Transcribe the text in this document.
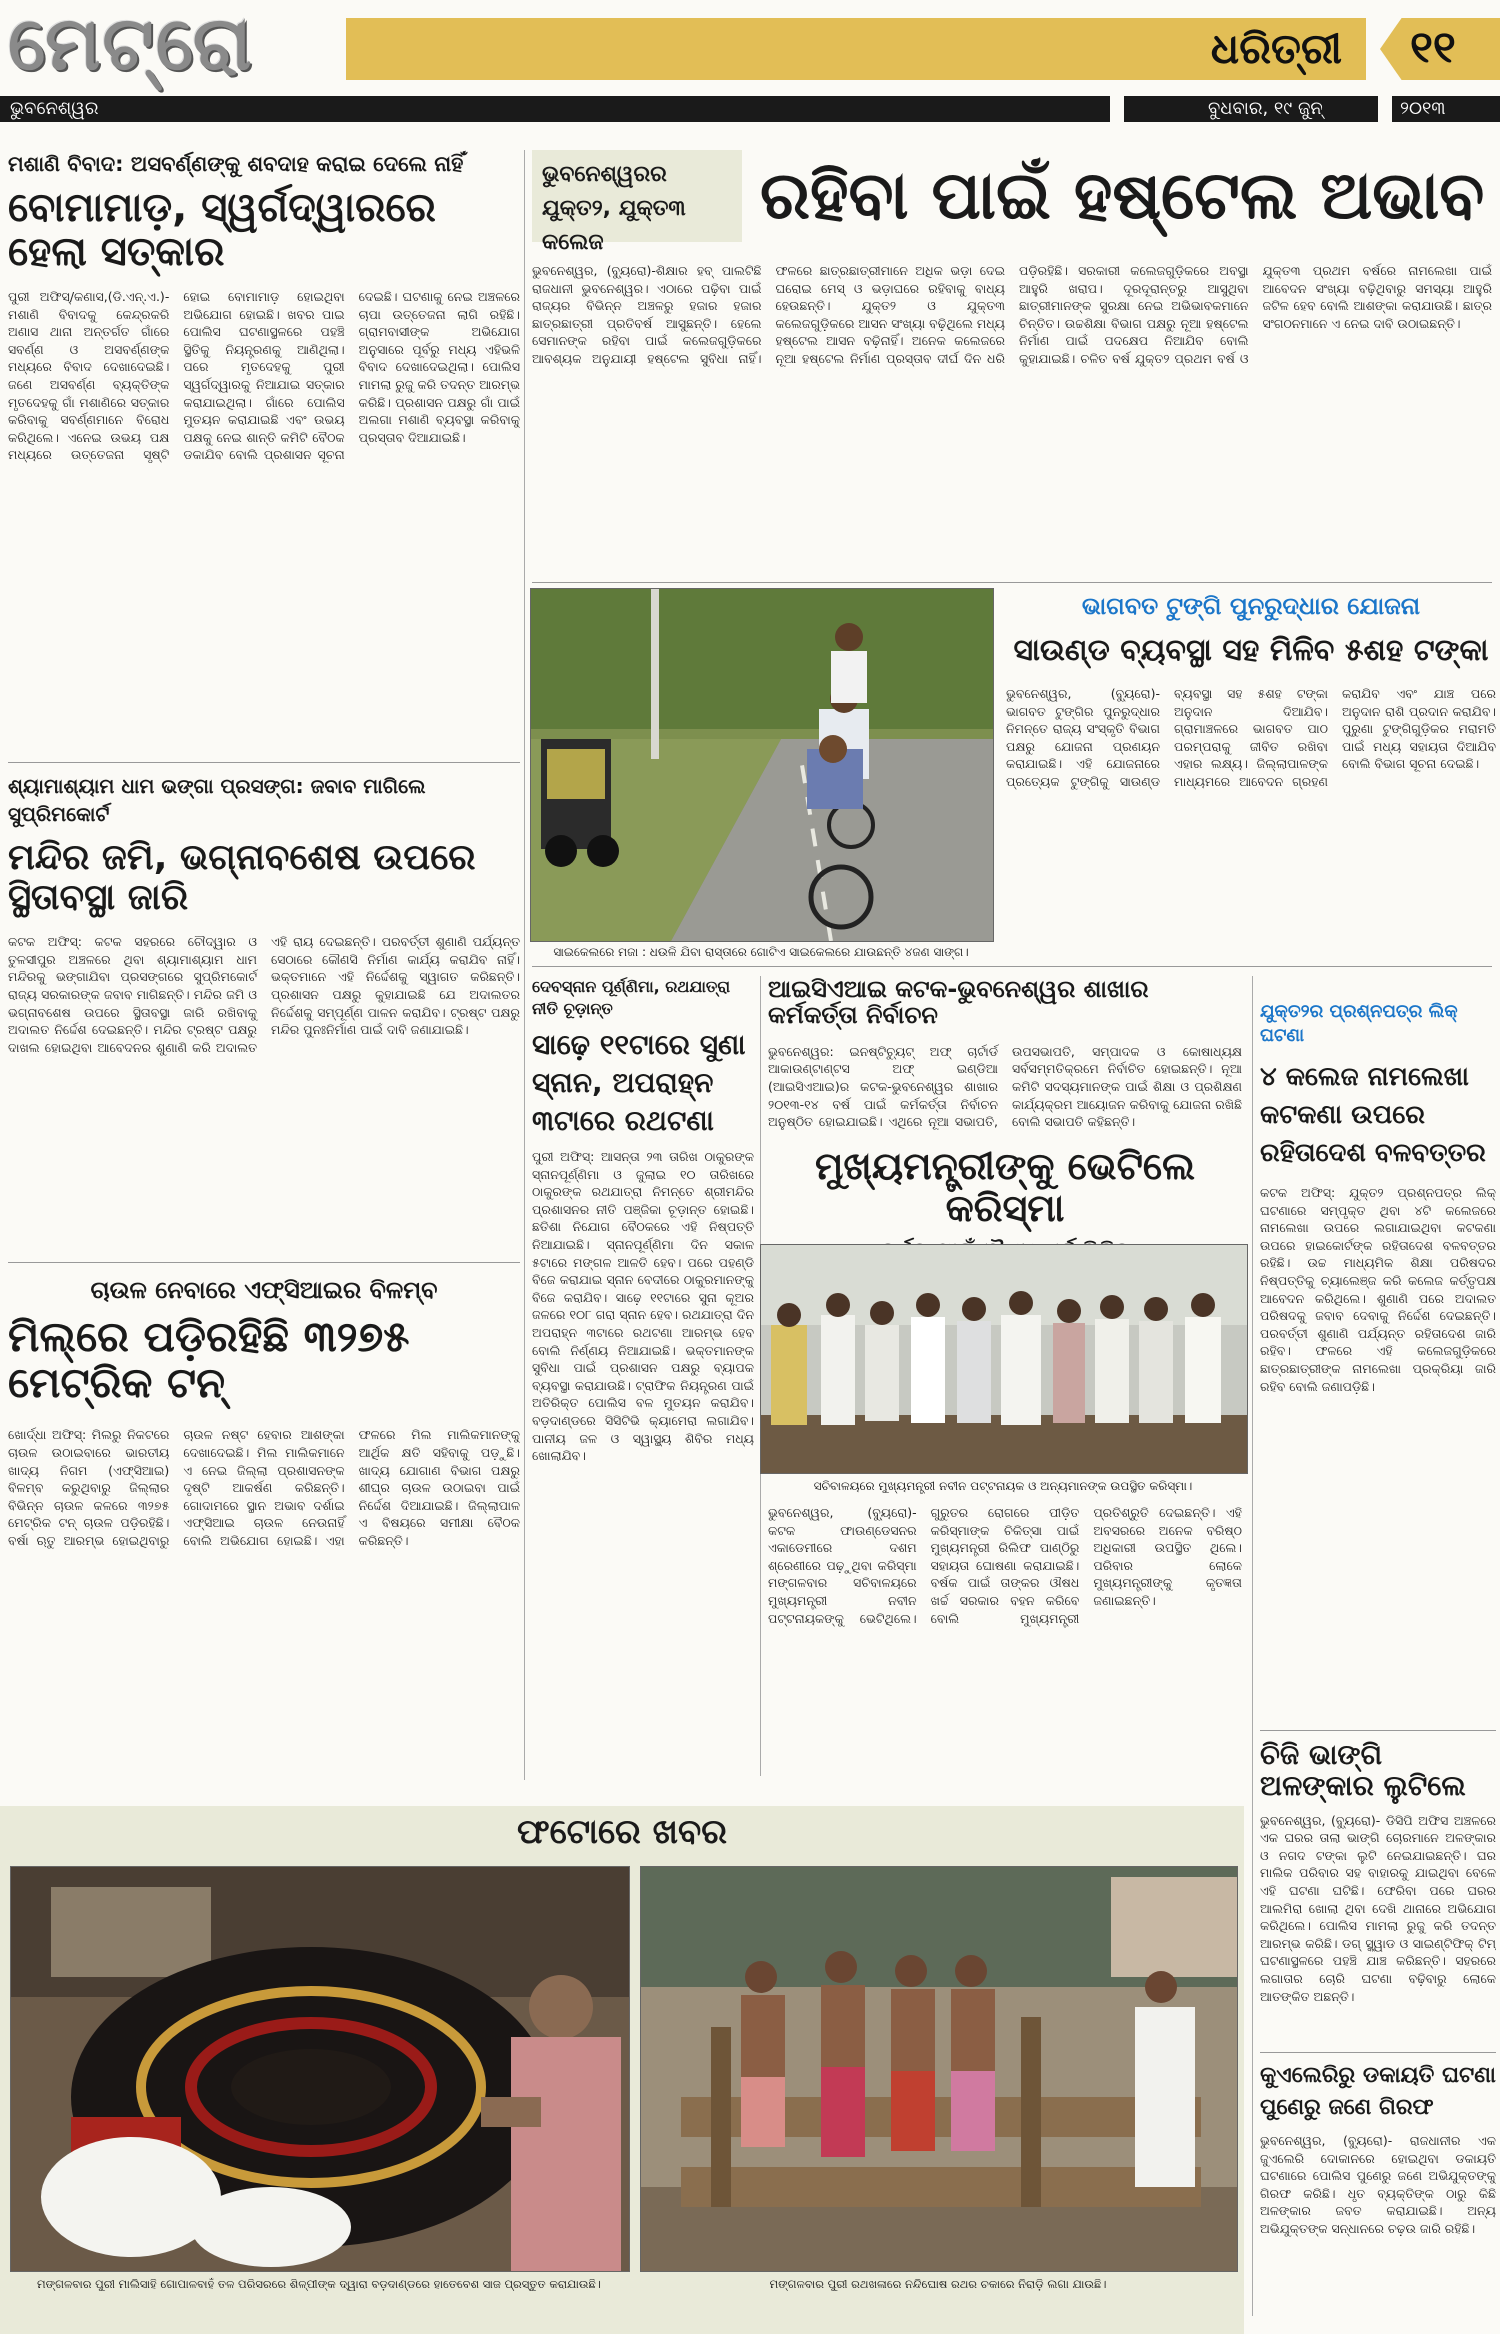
ମେଟ୍ରୋ	ଧରିତ୍ରୀ ୧୧
ଭୁବନେଶ୍ୱର	ବୁଧବାର, ୧୯ ଜୁନ୍	୨୦୧୩
ମଶାଣି ବିବାଦ: ଅସବର୍ଣ୍ଣଙ୍କୁ ଶବଦାହ କରାଇ ଦେଲେ ନାହିଁ
ବୋମାମାଡ଼, ସ୍ୱର୍ଗଦ୍ୱାରରେ ହେଲା ସତ୍କାର
ପୁରୀ ଅଫିସ୍/କଣାସ,(ଡି.ଏନ୍.ଏ.)- ମଶାଣି ବିବାଦକୁ କେନ୍ଦ୍ରକରି ଅଣାସ ଥାନା ଅନ୍ତର୍ଗତ ଗାଁରେ ସବର୍ଣ୍ଣ ଓ ଅସବର୍ଣ୍ଣଙ୍କ ମଧ୍ୟରେ ବିବାଦ ଦେଖାଦେଇଛି। ଜଣେ ଅସବର୍ଣ୍ଣ ବ୍ୟକ୍ତିଙ୍କ ମୃତଦେହକୁ ଗାଁ ମଶାଣିରେ ସତ୍କାର କରିବାକୁ ସବର୍ଣ୍ଣମାନେ ବିରୋଧ କରିଥିଲେ। ଏନେଇ ଉଭୟ ପକ୍ଷ ମଧ୍ୟରେ ଉତ୍ତେଜନା ସୃଷ୍ଟି ହୋଇ ବୋମାମାଡ଼ ହୋଇଥିବା ଅଭିଯୋଗ ହୋଇଛି। ଖବର ପାଇ ପୋଲିସ ଘଟଣାସ୍ଥଳରେ ପହଞ୍ଚି ସ୍ଥିତିକୁ ନିୟନ୍ତ୍ରଣକୁ ଆଣିଥିଲା। ପରେ ମୃତଦେହକୁ ପୁରୀ ସ୍ୱର୍ଗଦ୍ୱାରକୁ ନିଆଯାଇ ସତ୍କାର କରାଯାଇଥିଲା। ଗାଁରେ ପୋଲିସ ମୁତୟନ କରାଯାଇଛି ଏବଂ ଉଭୟ ପକ୍ଷକୁ ନେଇ ଶାନ୍ତି କମିଟି ବୈଠକ ଡକାଯିବ ବୋଲି ପ୍ରଶାସନ ସୂଚନା ଦେଇଛି। ଘଟଣାକୁ ନେଇ ଅଞ୍ଚଳରେ ଚାପା ଉତ୍ତେଜନା ଲାଗି ରହିଛି। ଗ୍ରାମବାସୀଙ୍କ ଅଭିଯୋଗ ଅନୁସାରେ ପୂର୍ବରୁ ମଧ୍ୟ ଏହିଭଳି ବିବାଦ ଦେଖାଦେଇଥିଲା। ପୋଲିସ ମାମଲା ରୁଜୁ କରି ତଦନ୍ତ ଆରମ୍ଭ କରିଛି। ପ୍ରଶାସନ ପକ୍ଷରୁ ଗାଁ ପାଇଁ ଅଲଗା ମଶାଣି ବ୍ୟବସ୍ଥା କରିବାକୁ ପ୍ରସ୍ତାବ ଦିଆଯାଇଛି।
ଶ୍ୟାମାଶ୍ୟାମ ଧାମ ଭଙ୍ଗା ପ୍ରସଙ୍ଗ: ଜବାବ ମାଗିଲେ ସୁପ୍ରିମକୋର୍ଟ
ମନ୍ଦିର ଜମି, ଭଗ୍ନାବଶେଷ ଉପରେ ସ୍ଥିତାବସ୍ଥା ଜାରି
କଟକ ଅଫିସ୍: କଟକ ସହରରେ ଚୌଦ୍ୱାର ଓ ତୁଳସୀପୁର ଅଞ୍ଚଳରେ ଥିବା ଶ୍ୟାମାଶ୍ୟାମ ଧାମ ମନ୍ଦିରକୁ ଭଙ୍ଗାଯିବା ପ୍ରସଙ୍ଗରେ ସୁପ୍ରିମକୋର୍ଟ ରାଜ୍ୟ ସରକାରଙ୍କ ଜବାବ ମାଗିଛନ୍ତି। ମନ୍ଦିର ଜମି ଓ ଭଗ୍ନାବଶେଷ ଉପରେ ସ୍ଥିତାବସ୍ଥା ଜାରି ରଖିବାକୁ ଅଦାଲତ ନିର୍ଦ୍ଦେଶ ଦେଇଛନ୍ତି। ମନ୍ଦିର ଟ୍ରଷ୍ଟ ପକ୍ଷରୁ ଦାଖଲ ହୋଇଥିବା ଆବେଦନର ଶୁଣାଣି କରି ଅଦାଲତ ଏହି ରାୟ ଦେଇଛନ୍ତି। ପରବର୍ତ୍ତୀ ଶୁଣାଣି ପର୍ଯ୍ୟନ୍ତ ସେଠାରେ କୌଣସି ନିର୍ମାଣ କାର୍ଯ୍ୟ କରାଯିବ ନାହିଁ। ଭକ୍ତମାନେ ଏହି ନିର୍ଦ୍ଦେଶକୁ ସ୍ୱାଗତ କରିଛନ୍ତି। ପ୍ରଶାସନ ପକ୍ଷରୁ କୁହାଯାଇଛି ଯେ ଅଦାଲତର ନିର୍ଦ୍ଦେଶକୁ ସମ୍ପୂର୍ଣ୍ଣ ପାଳନ କରାଯିବ। ଟ୍ରଷ୍ଟ ପକ୍ଷରୁ ମନ୍ଦିର ପୁନଃନିର୍ମାଣ ପାଇଁ ଦାବି ଜଣାଯାଇଛି।
ଚାଉଳ ନେବାରେ ଏଫ୍‌ସିଆଇର ବିଳମ୍ବ
ମିଲ୍‌ରେ ପଡ଼ିରହିଛି ୩୨୭୫ ମେଟ୍ରିକ ଟନ୍
ଖୋର୍ଦ୍ଧା ଅଫିସ୍: ମିଲରୁ ନିକଟରେ ଚାଉଳ ଉଠାଇବାରେ ଭାରତୀୟ ଖାଦ୍ୟ ନିଗମ (ଏଫ୍‌ସିଆଇ) ବିଳମ୍ବ କରୁଥିବାରୁ ଜିଲ୍ଲାର ବିଭିନ୍ନ ଚାଉଳ କଳରେ ୩୨୭୫ ମେଟ୍ରିକ ଟନ୍ ଚାଉଳ ପଡ଼ିରହିଛି। ବର୍ଷା ଋତୁ ଆରମ୍ଭ ହୋଇଥିବାରୁ ଚାଉଳ ନଷ୍ଟ ହେବାର ଆଶଙ୍କା ଦେଖାଦେଇଛି। ମିଲ ମାଲିକମାନେ ଏ ନେଇ ଜିଲ୍ଲା ପ୍ରଶାସନଙ୍କ ଦୃଷ୍ଟି ଆକର୍ଷଣ କରିଛନ୍ତି। ଗୋଦାମରେ ସ୍ଥାନ ଅଭାବ ଦର୍ଶାଇ ଏଫ୍‌ସିଆଇ ଚାଉଳ ନେଉନାହିଁ ବୋଲି ଅଭିଯୋଗ ହୋଇଛି। ଏହା ଫଳରେ ମିଲ ମାଲିକମାନଙ୍କୁ ଆର୍ଥିକ କ୍ଷତି ସହିବାକୁ ପଡ଼ୁଛି। ଖାଦ୍ୟ ଯୋଗାଣ ବିଭାଗ ପକ୍ଷରୁ ଶୀଘ୍ର ଚାଉଳ ଉଠାଇବା ପାଇଁ ନିର୍ଦ୍ଦେଶ ଦିଆଯାଇଛି। ଜିଲ୍ଲାପାଳ ଏ ବିଷୟରେ ସମୀକ୍ଷା ବୈଠକ କରିଛନ୍ତି।
ଭୁବନେଶ୍ୱରର ଯୁକ୍ତ୨, ଯୁକ୍ତ୩ କଲେଜ
ରହିବା ପାଇଁ ହଷ୍ଟେଲ ଅଭାବ
ଭୁବନେଶ୍ୱର, (ବ୍ୟୁରୋ)-ଶିକ୍ଷାର ହବ୍ ପାଲଟିଛି ରାଜଧାନୀ ଭୁବନେଶ୍ୱର। ଏଠାରେ ପଢ଼ିବା ପାଇଁ ରାଜ୍ୟର ବିଭିନ୍ନ ଅଞ୍ଚଳରୁ ହଜାର ହଜାର ଛାତ୍ରଛାତ୍ରୀ ପ୍ରତିବର୍ଷ ଆସୁଛନ୍ତି। ହେଲେ ସେମାନଙ୍କ ରହିବା ପାଇଁ କଲେଜଗୁଡ଼ିକରେ ଆବଶ୍ୟକ ଅନୁଯାୟୀ ହଷ୍ଟେଲ ସୁବିଧା ନାହିଁ। ଫଳରେ ଛାତ୍ରଛାତ୍ରୀମାନେ ଅଧିକ ଭଡ଼ା ଦେଇ ଘରୋଇ ମେସ୍ ଓ ଭଡ଼ାଘରେ ରହିବାକୁ ବାଧ୍ୟ ହେଉଛନ୍ତି। ଯୁକ୍ତ୨ ଓ ଯୁକ୍ତ୩ କଲେଜଗୁଡ଼ିକରେ ଆସନ ସଂଖ୍ୟା ବଢ଼ିଥିଲେ ମଧ୍ୟ ହଷ୍ଟେଲ ଆସନ ବଢ଼ିନାହିଁ। ଅନେକ କଲେଜରେ ନୂଆ ହଷ୍ଟେଲ ନିର୍ମାଣ ପ୍ରସ୍ତାବ ଦୀର୍ଘ ଦିନ ଧରି ପଡ଼ିରହିଛି। ସରକାରୀ କଲେଜଗୁଡ଼ିକରେ ଅବସ୍ଥା ଆହୁରି ଖରାପ। ଦୂରଦୂରାନ୍ତରୁ ଆସୁଥିବା ଛାତ୍ରୀମାନଙ୍କ ସୁରକ୍ଷା ନେଇ ଅଭିଭାବକମାନେ ଚିନ୍ତିତ। ଉଚ୍ଚଶିକ୍ଷା ବିଭାଗ ପକ୍ଷରୁ ନୂଆ ହଷ୍ଟେଲ ନିର୍ମାଣ ପାଇଁ ପଦକ୍ଷେପ ନିଆଯିବ ବୋଲି କୁହାଯାଇଛି। ଚଳିତ ବର୍ଷ ଯୁକ୍ତ୨ ପ୍ରଥମ ବର୍ଷ ଓ ଯୁକ୍ତ୩ ପ୍ରଥମ ବର୍ଷରେ ନାମଲେଖା ପାଇଁ ଆବେଦନ ସଂଖ୍ୟା ବଢ଼ିଥିବାରୁ ସମସ୍ୟା ଆହୁରି ଜଟିଳ ହେବ ବୋଲି ଆଶଙ୍କା କରାଯାଉଛି। ଛାତ୍ର ସଂଗଠନମାନେ ଏ ନେଇ ଦାବି ଉଠାଇଛନ୍ତି।
ସାଇକେଲରେ ମଜା : ଧଉଳି ଯିବା ରାସ୍ତାରେ ଗୋଟିଏ ସାଇକେଲରେ ଯାଉଛନ୍ତି ୪ଜଣ ସାଙ୍ଗ।
ଭାଗବତ ଟୁଙ୍ଗି ପୁନରୁଦ୍ଧାର ଯୋଜନା
ସାଉଣ୍ଡ ବ୍ୟବସ୍ଥା ସହ ମିଳିବ ୫ଶହ ଟଙ୍କା
ଭୁବନେଶ୍ୱର, (ବ୍ୟୁରୋ)- ଭାଗବତ ଟୁଙ୍ଗିର ପୁନରୁଦ୍ଧାର ନିମନ୍ତେ ରାଜ୍ୟ ସଂସ୍କୃତି ବିଭାଗ ପକ୍ଷରୁ ଯୋଜନା ପ୍ରଣୟନ କରାଯାଇଛି। ଏହି ଯୋଜନାରେ ପ୍ରତ୍ୟେକ ଟୁଙ୍ଗିକୁ ସାଉଣ୍ଡ ବ୍ୟବସ୍ଥା ସହ ୫ଶହ ଟଙ୍କା ଅନୁଦାନ ଦିଆଯିବ। ଗ୍ରାମାଞ୍ଚଳରେ ଭାଗବତ ପାଠ ପରମ୍ପରାକୁ ଜୀବିତ ରଖିବା ଏହାର ଲକ୍ଷ୍ୟ। ଜିଲ୍ଲାପାଳଙ୍କ ମାଧ୍ୟମରେ ଆବେଦନ ଗ୍ରହଣ କରାଯିବ ଏବଂ ଯାଞ୍ଚ ପରେ ଅନୁଦାନ ରାଶି ପ୍ରଦାନ କରାଯିବ। ପୁରୁଣା ଟୁଙ୍ଗିଗୁଡ଼ିକର ମରାମତି ପାଇଁ ମଧ୍ୟ ସହାୟତା ଦିଆଯିବ ବୋଲି ବିଭାଗ ସୂଚନା ଦେଇଛି।
ଦେବସ୍ନାନ ପୂର୍ଣ୍ଣିମା, ରଥଯାତ୍ରା ନୀତି ଚୂଡ଼ାନ୍ତ
ସାଢ଼େ ୧୧ଟାରେ ସୁଣା ସ୍ନାନ, ଅପରାହ୍ନ ୩ଟାରେ ରଥଟଣା
ପୁରୀ ଅଫିସ୍: ଆସନ୍ତା ୨୩ ତାରିଖ ଠାକୁରଙ୍କ ସ୍ନାନପୂର୍ଣ୍ଣିମା ଓ ଜୁଲାଇ ୧୦ ତାରିଖରେ ଠାକୁରଙ୍କ ରଥଯାତ୍ରା ନିମନ୍ତେ ଶ୍ରୀମନ୍ଦିର ପ୍ରଶାସନର ନୀତି ପଞ୍ଜିକା ଚୂଡ଼ାନ୍ତ ହୋଇଛି। ଛତିଶା ନିଯୋଗ ବୈଠକରେ ଏହି ନିଷ୍ପତ୍ତି ନିଆଯାଇଛି। ସ୍ନାନପୂର୍ଣ୍ଣିମା ଦିନ ସକାଳ ୫ଟାରେ ମଙ୍ଗଳ ଆଳତି ହେବ। ପରେ ପହଣ୍ଡି ବିଜେ କରାଯାଇ ସ୍ନାନ ବେଦୀରେ ଠାକୁରମାନଙ୍କୁ ବିଜେ କରାଯିବ। ସାଢ଼େ ୧୧ଟାରେ ସୁନା କୂଅର ଜଳରେ ୧୦୮ ଗରା ସ୍ନାନ ହେବ। ରଥଯାତ୍ରା ଦିନ ଅପରାହ୍ନ ୩ଟାରେ ରଥଟଣା ଆରମ୍ଭ ହେବ ବୋଲି ନିର୍ଣ୍ଣୟ ନିଆଯାଇଛି। ଭକ୍ତମାନଙ୍କ ସୁବିଧା ପାଇଁ ପ୍ରଶାସନ ପକ୍ଷରୁ ବ୍ୟାପକ ବ୍ୟବସ୍ଥା କରାଯାଉଛି। ଟ୍ରାଫିକ ନିୟନ୍ତ୍ରଣ ପାଇଁ ଅତିରିକ୍ତ ପୋଲିସ ବଳ ମୁତୟନ କରାଯିବ। ବଡ଼ଦାଣ୍ଡରେ ସିସିଟିଭି କ୍ୟାମେରା ଲଗାଯିବ। ପାନୀୟ ଜଳ ଓ ସ୍ୱାସ୍ଥ୍ୟ ଶିବିର ମଧ୍ୟ ଖୋଲାଯିବ।
ଆଇସିଏଆଇ କଟକ-ଭୁବନେଶ୍ୱର ଶାଖାର କର୍ମକର୍ତ୍ତା ନିର୍ବାଚନ
ଭୁବନେଶ୍ୱର: ଇନଷ୍ଟିଚ୍ୟୁଟ୍ ଅଫ୍ ଚାର୍ଟାର୍ଡ ଆକାଉଣ୍ଟାଣ୍ଟସ ଅଫ୍ ଇଣ୍ଡିଆ (ଆଇସିଏଆଇ)ର କଟକ-ଭୁବନେଶ୍ୱର ଶାଖାର ୨୦୧୩-୧୪ ବର୍ଷ ପାଇଁ କର୍ମକର୍ତ୍ତା ନିର୍ବାଚନ ଅନୁଷ୍ଠିତ ହୋଇଯାଇଛି। ଏଥିରେ ନୂଆ ସଭାପତି, ଉପସଭାପତି, ସମ୍ପାଦକ ଓ କୋଷାଧ୍ୟକ୍ଷ ସର୍ବସମ୍ମତିକ୍ରମେ ନିର୍ବାଚିତ ହୋଇଛନ୍ତି। ନୂଆ କମିଟି ସଦସ୍ୟମାନଙ୍କ ପାଇଁ ଶିକ୍ଷା ଓ ପ୍ରଶିକ୍ଷଣ କାର୍ଯ୍ୟକ୍ରମ ଆୟୋଜନ କରିବାକୁ ଯୋଜନା ରଖିଛି ବୋଲି ସଭାପତି କହିଛନ୍ତି।
ମୁଖ୍ୟମନ୍ତ୍ରୀଙ୍କୁ ଭେଟିଲେ କରିସ୍ମା
ସଚିବାଳୟରେ ମୁଖ୍ୟମନ୍ତ୍ରୀ ନବୀନ ପଟ୍ଟନାୟକ ଓ ଅନ୍ୟମାନଙ୍କ ଉପସ୍ଥିତ କରିସ୍ମା।
ଭୁବନେଶ୍ୱର, (ବ୍ୟୁରୋ)- କଟକ ଫାଉଣ୍ଡେସନର ଏକାଡେମୀରେ ଦଶମ ଶ୍ରେଣୀରେ ପଢ଼ୁଥିବା କରିସ୍ମା ମଙ୍ଗଳବାର ସଚିବାଳୟରେ ମୁଖ୍ୟମନ୍ତ୍ରୀ ନବୀନ ପଟ୍ଟନାୟକଙ୍କୁ ଭେଟିଥିଲେ। ଗୁରୁତର ରୋଗରେ ପୀଡ଼ିତ କରିସ୍ମାଙ୍କ ଚିକିତ୍ସା ପାଇଁ ମୁଖ୍ୟମନ୍ତ୍ରୀ ରିଲିଫ ପାଣ୍ଠିରୁ ସହାୟତା ଘୋଷଣା କରାଯାଇଛି। ବର୍ଷକ ପାଇଁ ତାଙ୍କର ଔଷଧ ଖର୍ଚ୍ଚ ସରକାର ବହନ କରିବେ ବୋଲି ମୁଖ୍ୟମନ୍ତ୍ରୀ ପ୍ରତିଶ୍ରୁତି ଦେଇଛନ୍ତି। ଏହି ଅବସରରେ ଅନେକ ବରିଷ୍ଠ ଅଧିକାରୀ ଉପସ୍ଥିତ ଥିଲେ। ପରିବାର ଲୋକେ ମୁଖ୍ୟମନ୍ତ୍ରୀଙ୍କୁ କୃତଜ୍ଞତା ଜଣାଇଛନ୍ତି।
ଯୁକ୍ତ୨ର ପ୍ରଶ୍ନପତ୍ର ଲିକ୍ ଘଟଣା
୪ କଲେଜ ନାମଲେଖା କଟକଣା ଉପରେ ରହିତାଦେଶ ବଳବତ୍ତର
କଟକ ଅଫିସ୍: ଯୁକ୍ତ୨ ପ୍ରଶ୍ନପତ୍ର ଲିକ୍ ଘଟଣାରେ ସମ୍ପୃକ୍ତ ଥିବା ୪ଟି କଲେଜରେ ନାମଲେଖା ଉପରେ ଲଗାଯାଇଥିବା କଟକଣା ଉପରେ ହାଇକୋର୍ଟଙ୍କ ରହିତାଦେଶ ବଳବତ୍ତର ରହିଛି। ଉଚ୍ଚ ମାଧ୍ୟମିକ ଶିକ୍ଷା ପରିଷଦର ନିଷ୍ପତ୍ତିକୁ ଚ୍ୟାଲେଞ୍ଜ କରି କଲେଜ କର୍ତ୍ତୃପକ୍ଷ ଆବେଦନ କରିଥିଲେ। ଶୁଣାଣି ପରେ ଅଦାଲତ ପରିଷଦକୁ ଜବାବ ଦେବାକୁ ନିର୍ଦ୍ଦେଶ ଦେଇଛନ୍ତି। ପରବର୍ତ୍ତୀ ଶୁଣାଣି ପର୍ଯ୍ୟନ୍ତ ରହିତାଦେଶ ଜାରି ରହିବ। ଫଳରେ ଏହି କଲେଜଗୁଡ଼ିକରେ ଛାତ୍ରଛାତ୍ରୀଙ୍କ ନାମଲେଖା ପ୍ରକ୍ରିୟା ଜାରି ରହିବ ବୋଲି ଜଣାପଡ଼ିଛି।
ଚିଜି ଭାଙ୍ଗି ଅଳଙ୍କାର ଲୁଟିଲେ
ଭୁବନେଶ୍ୱର, (ବ୍ୟୁରୋ)- ଡିସିପି ଅଫିସ ଅଞ୍ଚଳରେ ଏକ ଘରର ତାଲା ଭାଙ୍ଗି ଚୋରମାନେ ଅଳଙ୍କାର ଓ ନଗଦ ଟଙ୍କା ଲୁଟି ନେଇଯାଇଛନ୍ତି। ଘର ମାଲିକ ପରିବାର ସହ ବାହାରକୁ ଯାଇଥିବା ବେଳେ ଏହି ଘଟଣା ଘଟିଛି। ଫେରିବା ପରେ ଘରର ଆଲମିରା ଖୋଲା ଥିବା ଦେଖି ଥାନାରେ ଅଭିଯୋଗ କରିଥିଲେ। ପୋଲିସ ମାମଲା ରୁଜୁ କରି ତଦନ୍ତ ଆରମ୍ଭ କରିଛି। ଡଗ୍ ସ୍କ୍ୱାଡ ଓ ସାଇଣ୍ଟିଫିକ୍ ଟିମ୍ ଘଟଣାସ୍ଥଳରେ ପହଞ୍ଚି ଯାଞ୍ଚ କରିଛନ୍ତି। ସହରରେ ଲଗାତାର ଚୋରି ଘଟଣା ବଢ଼ିବାରୁ ଲୋକେ ଆତଙ୍କିତ ଅଛନ୍ତି।
କୁଏଲେରିରୁ ଡକାୟତି ଘଟଣା ପୁଣେରୁ ଜଣେ ଗିରଫ
ଭୁବନେଶ୍ୱର, (ବ୍ୟୁରୋ)- ରାଜଧାନୀର ଏକ ଜୁଏଲେରି ଦୋକାନରେ ହୋଇଥିବା ଡକାୟତି ଘଟଣାରେ ପୋଲିସ ପୁଣେରୁ ଜଣେ ଅଭିଯୁକ୍ତଙ୍କୁ ଗିରଫ କରିଛି। ଧୃତ ବ୍ୟକ୍ତିଙ୍କ ଠାରୁ କିଛି ଅଳଙ୍କାର ଜବତ କରାଯାଇଛି। ଅନ୍ୟ ଅଭିଯୁକ୍ତଙ୍କ ସନ୍ଧାନରେ ଚଢ଼ଉ ଜାରି ରହିଛି।
ଫଟୋରେ ଖବର
ମଙ୍ଗଳବାର ପୁରୀ ମାଲିସାହି ଗୋପାଳବାହଁ ତଳ ପରିସରରେ ଶିଳ୍ପୀଙ୍କ ଦ୍ୱାରା ବଡ଼ଦାଣ୍ଡରେ ହାତେବେଶ ସାଜ ପ୍ରସ୍ତୁତ କରାଯାଉଛି।	ମଙ୍ଗଳବାର ପୁରୀ ରଥଖଳାରେ ନନ୍ଦିଘୋଷ ରଥର ଚକାରେ ନିରାଡ଼ି ଲଗା ଯାଉଛି।
